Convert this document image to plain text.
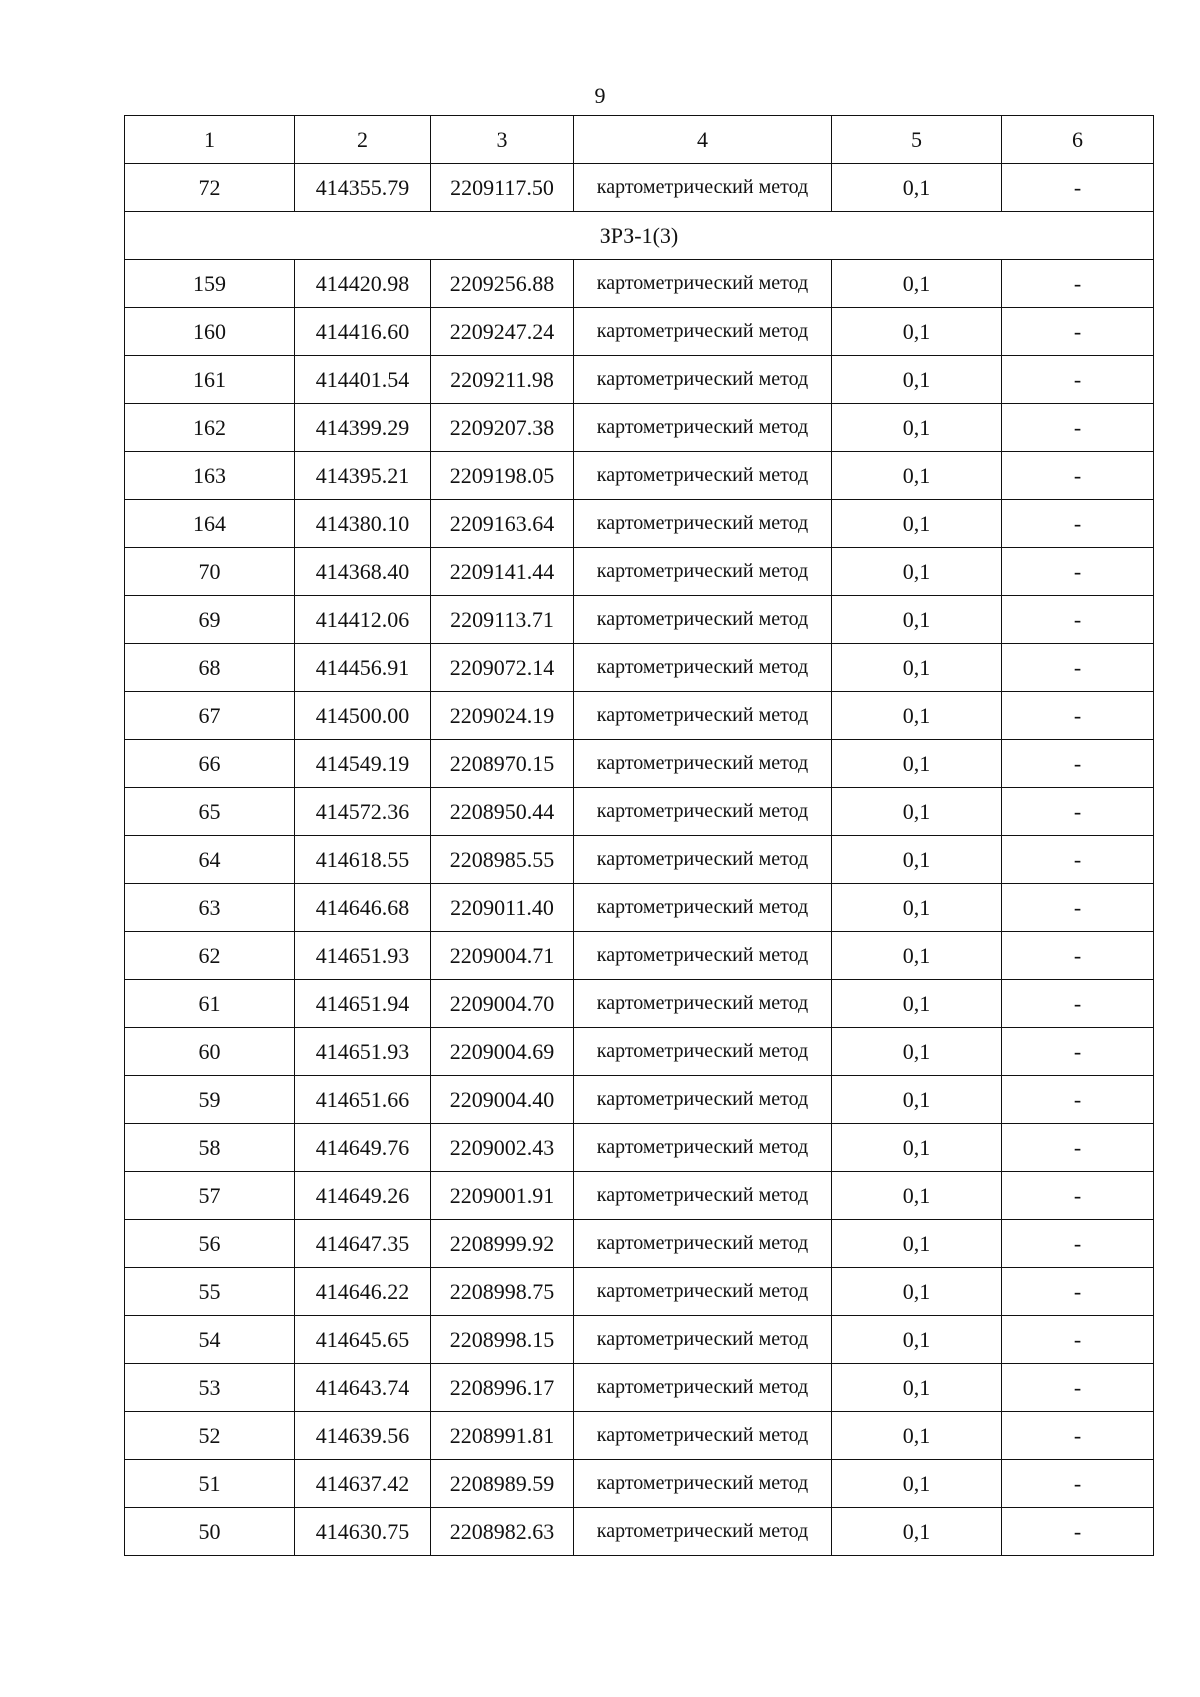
9
1	2	3	4	5	6
72	414355.79	2209117.50	картометрический метод	0,1	-
ЗРЗ-1(3)					
159	414420.98	2209256.88	картометрический метод	0,1	-
160	414416.60	2209247.24	картометрический метод	0,1	-
161	414401.54	2209211.98	картометрический метод	0,1	-
162	414399.29	2209207.38	картометрический метод	0,1	-
163	414395.21	2209198.05	картометрический метод	0,1	-
164	414380.10	2209163.64	картометрический метод	0,1	-
70	414368.40	2209141.44	картометрический метод	0,1	-
69	414412.06	2209113.71	картометрический метод	0,1	-
68	414456.91	2209072.14	картометрический метод	0,1	-
67	414500.00	2209024.19	картометрический метод	0,1	-
66	414549.19	2208970.15	картометрический метод	0,1	-
65	414572.36	2208950.44	картометрический метод	0,1	-
64	414618.55	2208985.55	картометрический метод	0,1	-
63	414646.68	2209011.40	картометрический метод	0,1	-
62	414651.93	2209004.71	картометрический метод	0,1	-
61	414651.94	2209004.70	картометрический метод	0,1	-
60	414651.93	2209004.69	картометрический метод	0,1	-
59	414651.66	2209004.40	картометрический метод	0,1	-
58	414649.76	2209002.43	картометрический метод	0,1	-
57	414649.26	2209001.91	картометрический метод	0,1	-
56	414647.35	2208999.92	картометрический метод	0,1	-
55	414646.22	2208998.75	картометрический метод	0,1	-
54	414645.65	2208998.15	картометрический метод	0,1	-
53	414643.74	2208996.17	картометрический метод	0,1	-
52	414639.56	2208991.81	картометрический метод	0,1	-
51	414637.42	2208989.59	картометрический метод	0,1	-
50	414630.75	2208982.63	картометрический метод	0,1	-
